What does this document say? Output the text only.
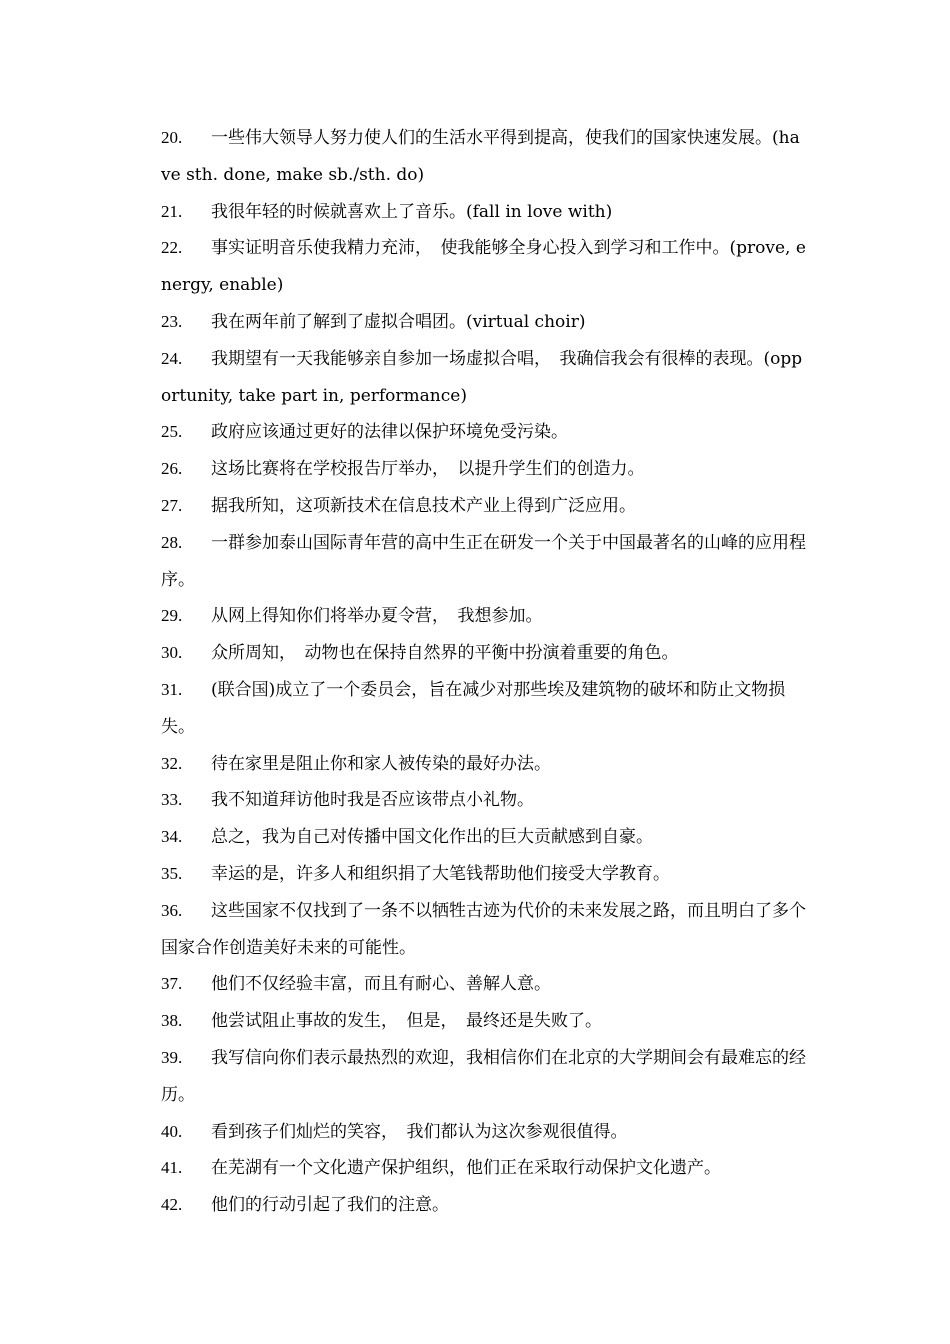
20. 一些伟大领导人努力使人们的生活水平得到提高，使我们的国家快速发展。(have sth. done, make sb./sth. do)

21. 我很年轻的时候就喜欢上了音乐。(fall in love with)

22. 事实证明音乐使我精力充沛，　使我能够全身心投入到学习和工作中。(prove, energy, enable)

23. 我在两年前了解到了虚拟合唱团。(virtual choir)

24. 我期望有一天我能够亲自参加一场虚拟合唱，　我确信我会有很棒的表现。(opportunity, take part in, performance)

25. 政府应该通过更好的法律以保护环境免受污染。

26. 这场比赛将在学校报告厅举办，　以提升学生们的创造力。

27. 据我所知，这项新技术在信息技术产业上得到广泛应用。

28. 一群参加泰山国际青年营的高中生正在研发一个关于中国最著名的山峰的应用程序。

29. 从网上得知你们将举办夏令营，　我想参加。

30. 众所周知，　动物也在保持自然界的平衡中扮演着重要的角色。

31. (联合国)成立了一个委员会，旨在减少对那些埃及建筑物的破坏和防止文物损失。

32. 待在家里是阻止你和家人被传染的最好办法。

33. 我不知道拜访他时我是否应该带点小礼物。

34. 总之，我为自己对传播中国文化作出的巨大贡献感到自豪。

35. 幸运的是，许多人和组织捐了大笔钱帮助他们接受大学教育。

36. 这些国家不仅找到了一条不以牺牲古迹为代价的未来发展之路，而且明白了多个国家合作创造美好未来的可能性。

37. 他们不仅经验丰富，而且有耐心、善解人意。

38. 他尝试阻止事故的发生，　但是，　最终还是失败了。

39. 我写信向你们表示最热烈的欢迎，我相信你们在北京的大学期间会有最难忘的经历。

40. 看到孩子们灿烂的笑容，　我们都认为这次参观很值得。

41. 在芜湖有一个文化遗产保护组织，他们正在采取行动保护文化遗产。

42. 他们的行动引起了我们的注意。
